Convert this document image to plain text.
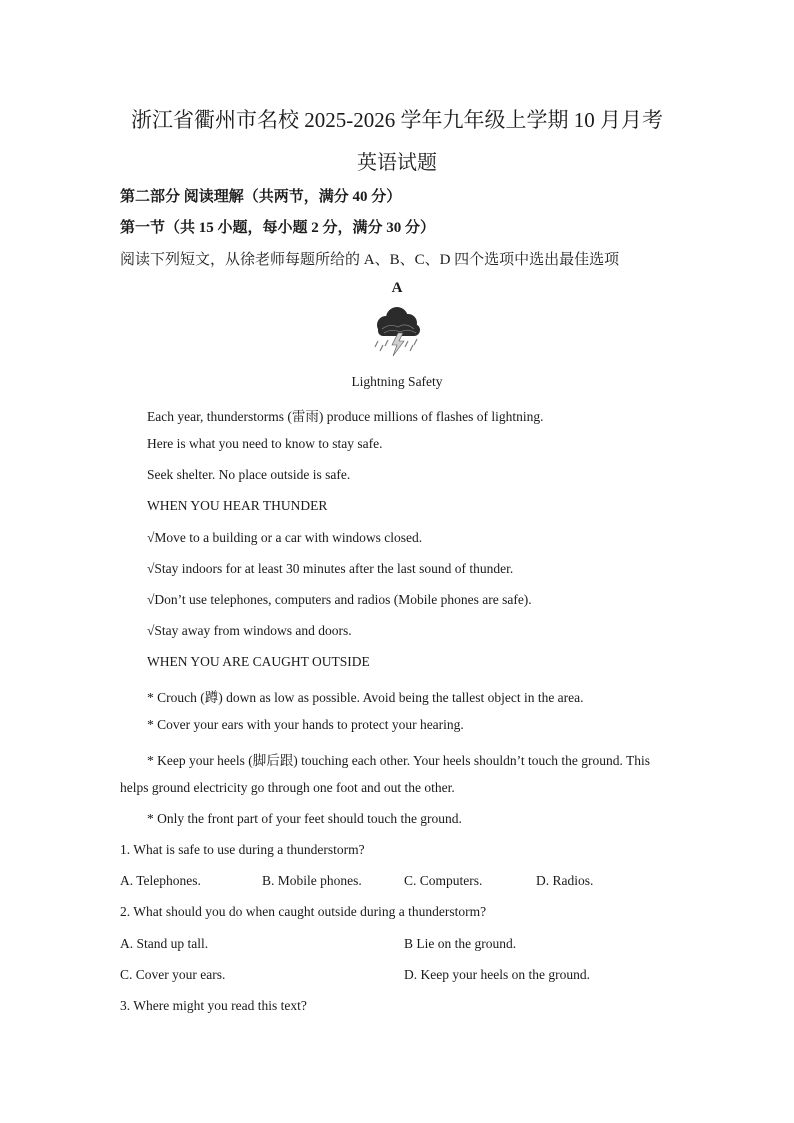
浙江省衢州市名校 2025-2026 学年九年级上学期 10 月月考
英语试题
第二部分 阅读理解（共两节，满分 40 分）
第一节（共 15 小题，每小题 2 分，满分 30 分）
阅读下列短文，从徐老师每题所给的 A、B、C、D 四个选项中选出最佳选项
A
Lightning Safety
Each year, thunderstorms (雷雨) produce millions of flashes of lightning.
Here is what you need to know to stay safe.
Seek shelter. No place outside is safe.
WHEN YOU HEAR THUNDER
√Move to a building or a car with windows closed.
√Stay indoors for at least 30 minutes after the last sound of thunder.
√Don’t use telephones, computers and radios (Mobile phones are safe).
√Stay away from windows and doors.
WHEN YOU ARE CAUGHT OUTSIDE
* Crouch (蹲) down as low as possible. Avoid being the tallest object in the area.
* Cover your ears with your hands to protect your hearing.
* Keep your heels (脚后跟) touching each other. Your heels shouldn’t touch the ground. This
helps ground electricity go through one foot and out the other.
* Only the front part of your feet should touch the ground.
1. What is safe to use during a thunderstorm?
A. Telephones.	B. Mobile phones.	C. Computers.	D. Radios.
2. What should you do when caught outside during a thunderstorm?
A. Stand up tall.	B Lie on the ground.
C. Cover your ears.	D. Keep your heels on the ground.
3. Where might you read this text?
